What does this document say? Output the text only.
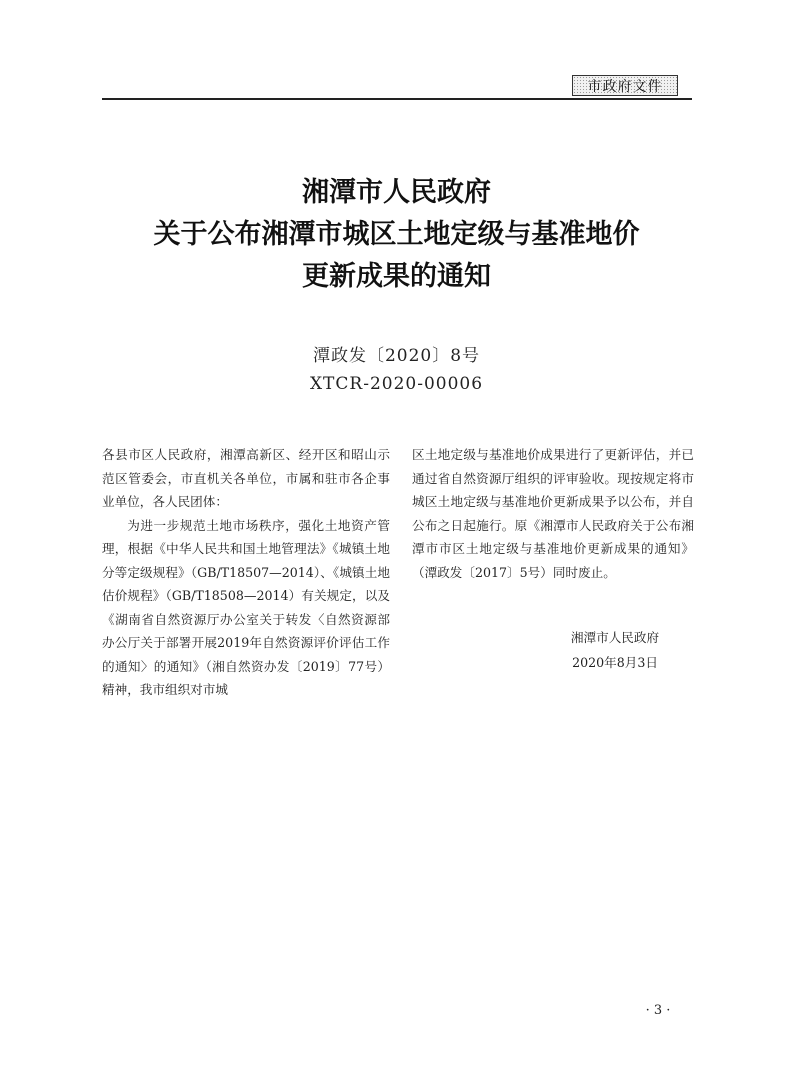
市政府文件
湘潭市人民政府
关于公布湘潭市城区土地定级与基准地价
更新成果的通知
潭政发〔2020〕8号
XTCR-2020-00006

各县市区人民政府，湘潭高新区、经开区和昭山示范区管委会，市直机关各单位，市属和驻市各企事业单位，各人民团体：

为进一步规范土地市场秩序，强化土地资产管理，根据《中华人民共和国土地管理法》《城镇土地分等定级规程》（GB/T18507—2014）、《城镇土地估价规程》（GB/T18508—2014）有关规定，以及《湖南省自然资源厅办公室关于转发〈自然资源部办公厅关于部署开展2019年自然资源评价评估工作的通知〉的通知》（湘自然资办发〔2019〕77号）精神，我市组织对市城

区土地定级与基准地价成果进行了更新评估，并已通过省自然资源厅组织的评审验收。现按规定将市城区土地定级与基准地价更新成果予以公布，并自公布之日起施行。原《湘潭市人民政府关于公布湘潭市市区土地定级与基准地价更新成果的通知》（潭政发〔2017〕5号）同时废止。

湘潭市人民政府
2020年8月3日
· 3 ·
